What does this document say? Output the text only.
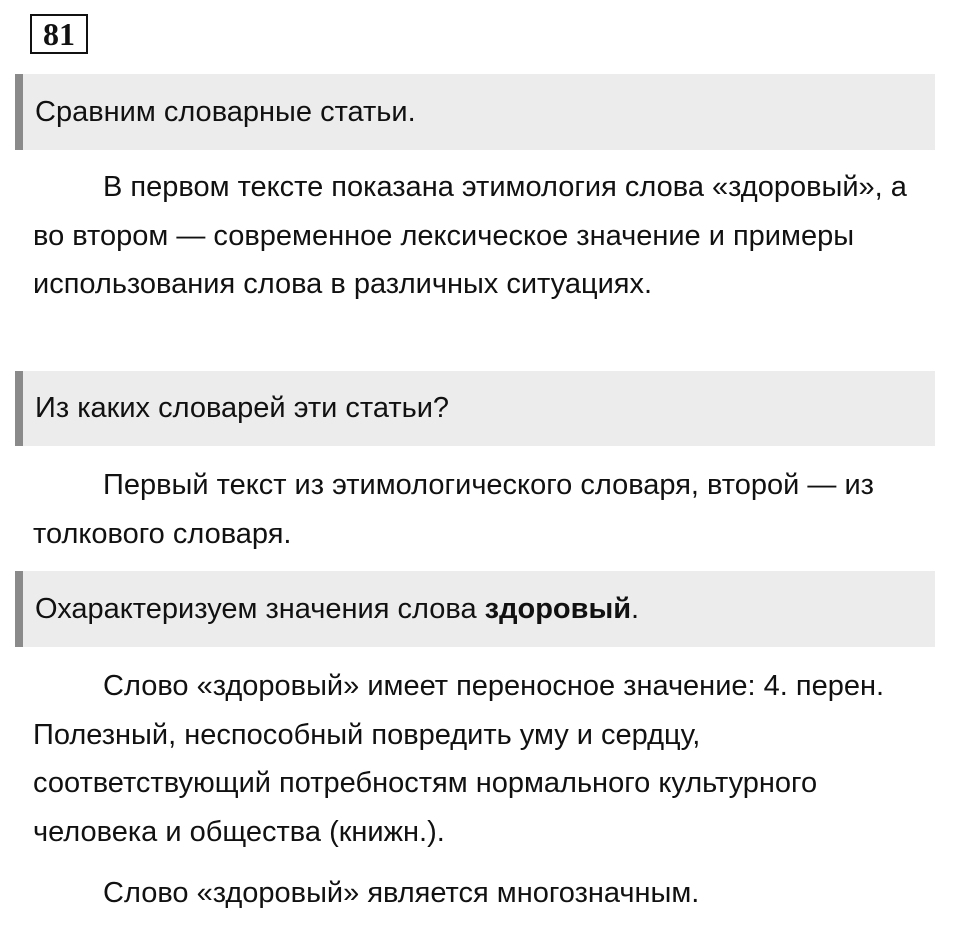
81
Сравним словарные статьи.

В первом тексте показана этимология слова «здоровый», а во втором — современное лексическое значение и примеры использования слова в различных ситуациях.

Из каких словарей эти статьи?

Первый текст из этимологического словаря, второй — из толкового словаря.

Охарактеризуем значения слова здоровый.

Слово «здоровый» имеет переносное значение: 4. перен. Полезный, неспособный повредить уму и сердцу, соответствующий потребностям нормального культурного человека и общества (книжн.).

Слово «здоровый» является многозначным.
